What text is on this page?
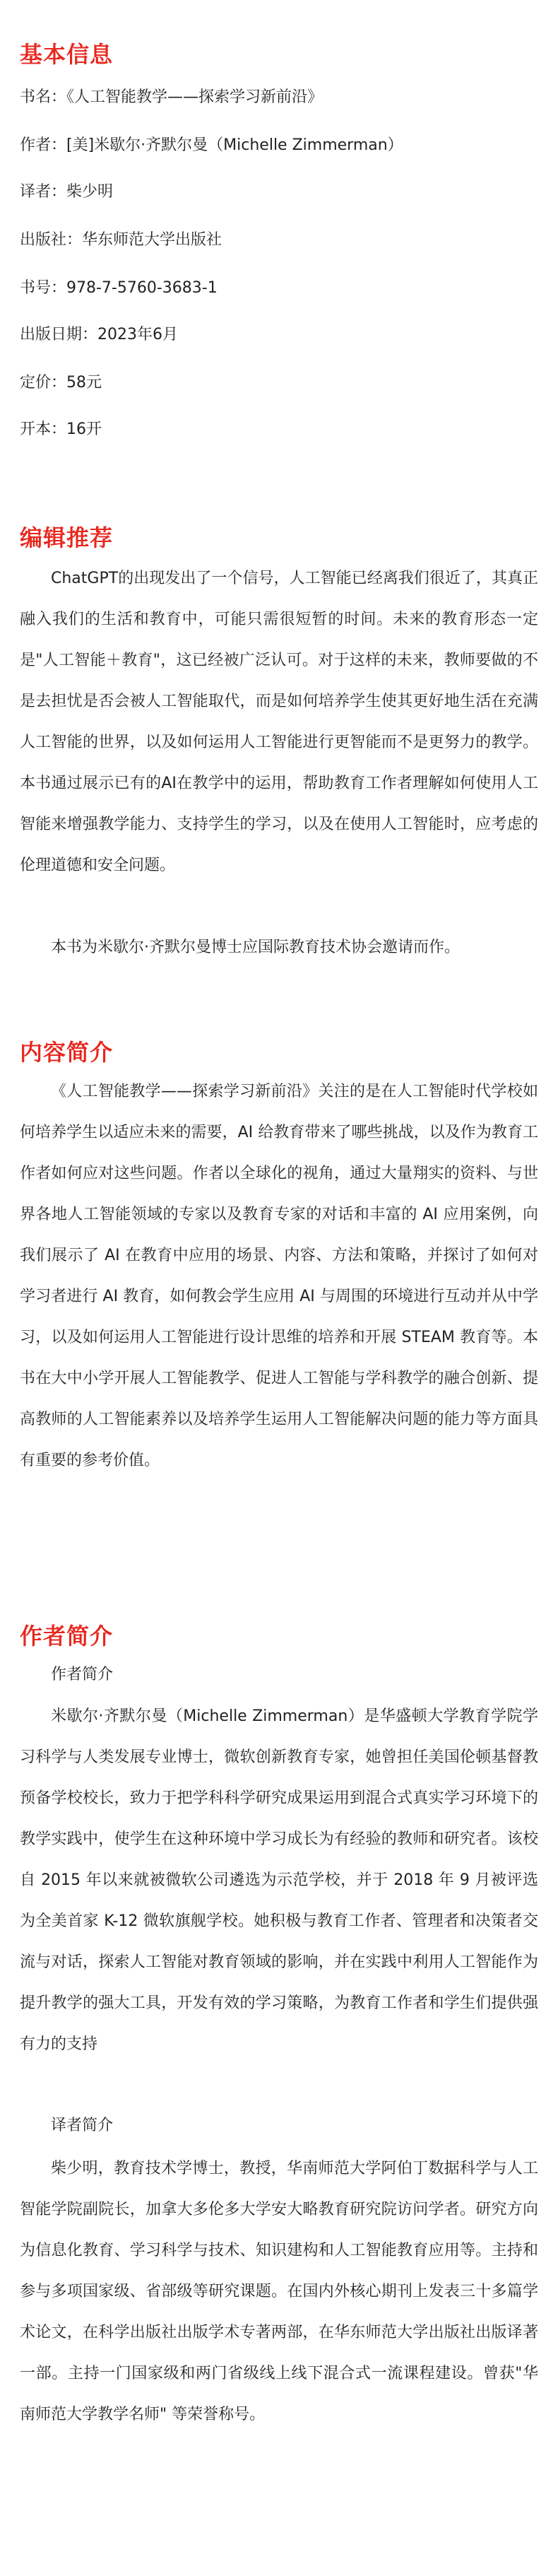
基本信息
书名：《人工智能教学——探索学习新前沿》
作者：[美]米歇尔·齐默尔曼（Michelle Zimmerman）
译者：柴少明
出版社：华东师范大学出版社
书号：978-7-5760-3683-1
出版日期：2023年6月
定价：58元
开本：16开
编辑推荐

ChatGPT的出现发出了一个信号，人工智能已经离我们很近了，其真正融入我们的生活和教育中，可能只需很短暂的时间。未来的教育形态一定是"人工智能＋教育"，这已经被广泛认可。对于这样的未来，教师要做的不是去担忧是否会被人工智能取代，而是如何培养学生使其更好地生活在充满人工智能的世界，以及如何运用人工智能进行更智能而不是更努力的教学。本书通过展示已有的AI在教学中的运用，帮助教育工作者理解如何使用人工智能来增强教学能力、支持学生的学习，以及在使用人工智能时，应考虑的伦理道德和安全问题。

本书为米歇尔·齐默尔曼博士应国际教育技术协会邀请而作。

内容简介

《人工智能教学——探索学习新前沿》关注的是在人工智能时代学校如何培养学生以适应未来的需要，AI 给教育带来了哪些挑战，以及作为教育工作者如何应对这些问题。作者以全球化的视角，通过大量翔实的资料、与世界各地人工智能领域的专家以及教育专家的对话和丰富的 AI 应用案例，向我们展示了 AI 在教育中应用的场景、内容、方法和策略，并探讨了如何对学习者进行 AI 教育，如何教会学生应用 AI 与周围的环境进行互动并从中学习，以及如何运用人工智能进行设计思维的培养和开展 STEAM 教育等。本书在大中小学开展人工智能教学、促进人工智能与学科教学的融合创新、提高教师的人工智能素养以及培养学生运用人工智能解决问题的能力等方面具有重要的参考价值。

作者简介
作者简介

米歇尔·齐默尔曼（Michelle Zimmerman）是华盛顿大学教育学院学习科学与人类发展专业博士，微软创新教育专家，她曾担任美国伦顿基督教预备学校校长，致力于把学科科学研究成果运用到混合式真实学习环境下的教学实践中，使学生在这种环境中学习成长为有经验的教师和研究者。该校自 2015 年以来就被微软公司遴选为示范学校，并于 2018 年 9 月被评选为全美首家 K-12 微软旗舰学校。她积极与教育工作者、管理者和决策者交流与对话，探索人工智能对教育领域的影响，并在实践中利用人工智能作为提升教学的强大工具，开发有效的学习策略，为教育工作者和学生们提供强有力的支持

译者简介

柴少明，教育技术学博士，教授，华南师范大学阿伯丁数据科学与人工智能学院副院长，加拿大多伦多大学安大略教育研究院访问学者。研究方向为信息化教育、学习科学与技术、知识建构和人工智能教育应用等。主持和参与多项国家级、省部级等研究课题。在国内外核心期刊上发表三十多篇学术论文，在科学出版社出版学术专著两部，在华东师范大学出版社出版译著一部。主持一门国家级和两门省级线上线下混合式一流课程建设。曾获"华南师范大学教学名师" 等荣誉称号。
